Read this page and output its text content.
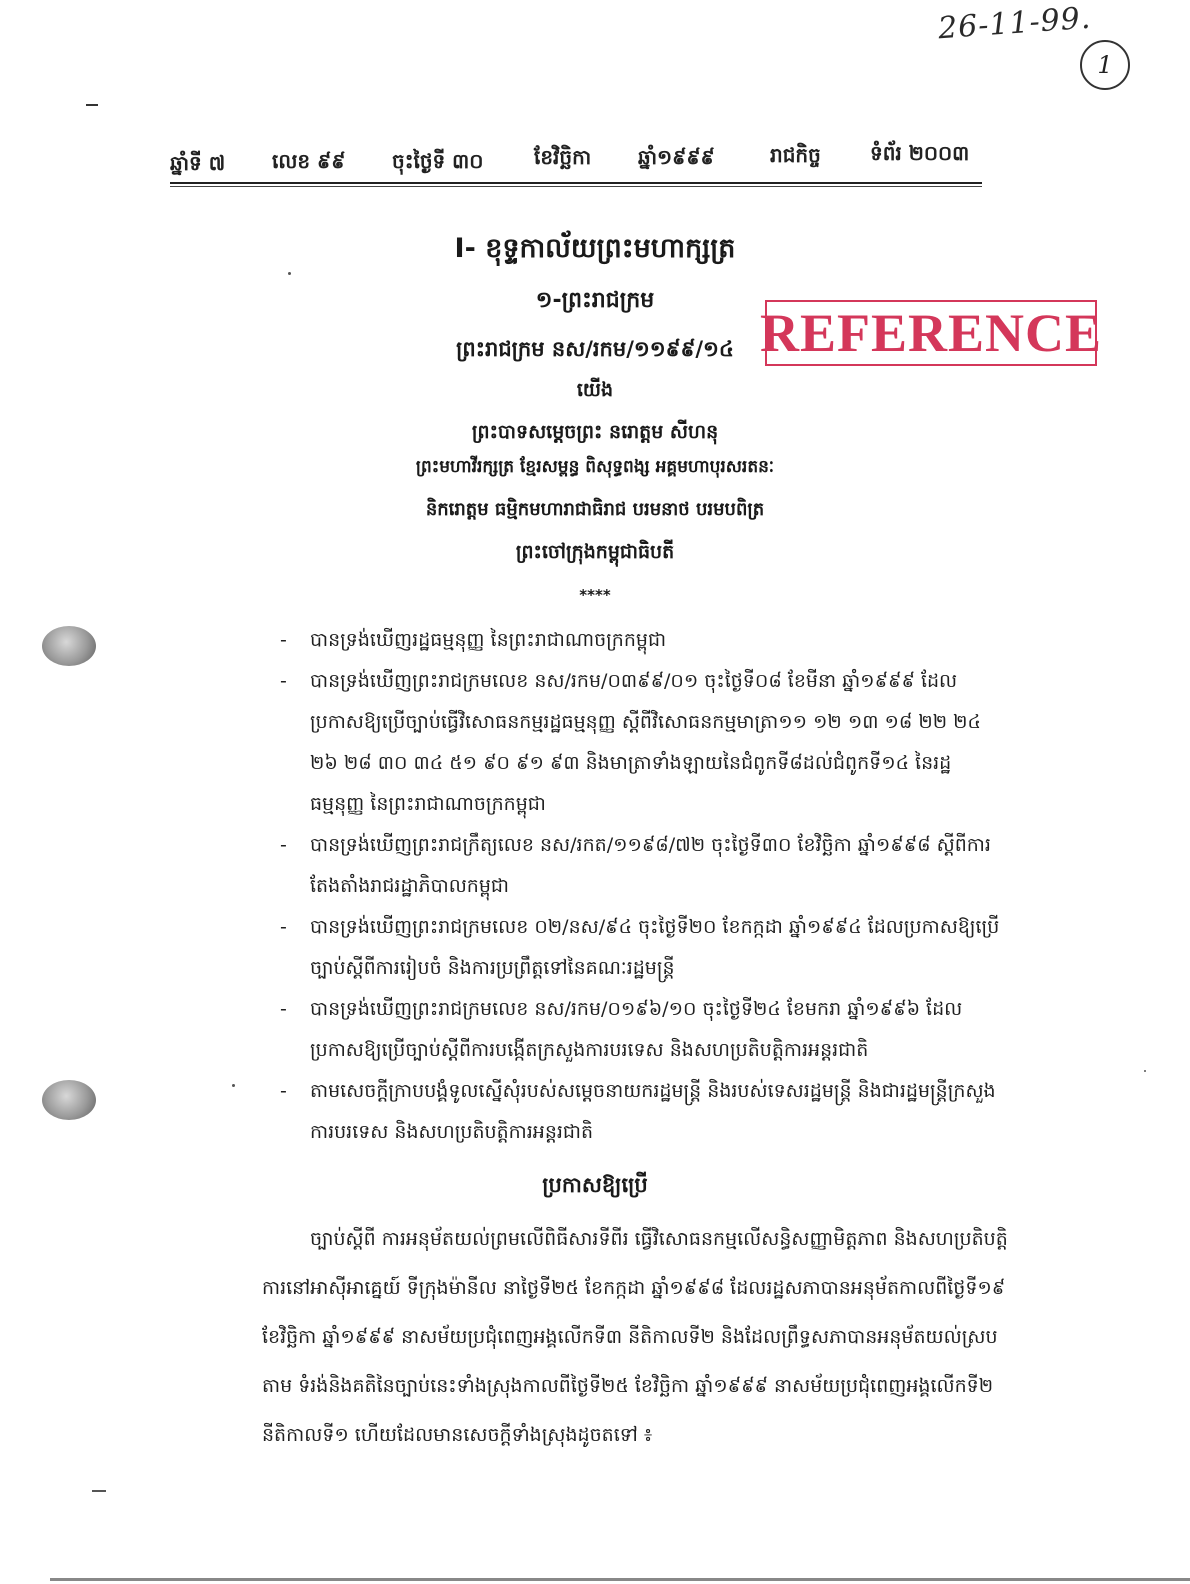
26-11-99.
1
ឆ្នាំទី ៧ លេខ ៩៩ ចុះថ្ងៃទី ៣០	ខែវិច្ឆិកា ឆ្នាំ១៩៩៩	រាជកិច្ច ទំព័រ ២០០៣
I- ខុទ្ទកាល័យព្រះមហាក្សត្រ
១-ព្រះរាជក្រម
ព្រះរាជក្រម នស/រកម/១១៩៩/១៤
យើង
ព្រះបាទសម្តេចព្រះ នរោត្តម សីហនុ
ព្រះមហាវីរក្សត្រ ខ្មែរសម្ពន្ធ ពិសុទ្ធពង្ស អគ្គមហាបុរសរតនៈ
និករោត្តម ធម្មិកមហារាជាធិរាជ បរមនាថ បរមបពិត្រ
ព្រះចៅក្រុងកម្ពុជាធិបតី
****
REFERENCE
- បានទ្រង់ឃើញរដ្ឋធម្មនុញ្ញ នៃព្រះរាជាណាចក្រកម្ពុជា
- បានទ្រង់ឃើញព្រះរាជក្រមលេខ នស/រកម/០៣៩៩/០១ ចុះថ្ងៃទី០៨ ខែមីនា ឆ្នាំ១៩៩៩ ដែលប្រកាសឱ្យប្រើច្បាប់ធ្វើវិសោធនកម្មរដ្ឋធម្មនុញ្ញ ស្តីពីវិសោធនកម្មមាត្រា១១ ១២ ១៣ ១៨ ២២ ២៤ ២៦ ២៨ ៣០ ៣៤ ៥១ ៩០ ៩១ ៩៣ និងមាត្រាទាំងឡាយនៃជំពូកទី៨ដល់ជំពូកទី១៤ នៃរដ្ឋធម្មនុញ្ញ នៃព្រះរាជាណាចក្រកម្ពុជា
- បានទ្រង់ឃើញព្រះរាជក្រឹត្យលេខ នស/រកត/១១៩៨/៧២ ចុះថ្ងៃទី៣០ ខែវិច្ឆិកា ឆ្នាំ១៩៩៨ ស្តីពីការតែងតាំងរាជរដ្ឋាភិបាលកម្ពុជា
- បានទ្រង់ឃើញព្រះរាជក្រមលេខ ០២/នស/៩៤ ចុះថ្ងៃទី២០ ខែកក្កដា ឆ្នាំ១៩៩៤ ដែលប្រកាសឱ្យប្រើច្បាប់ស្តីពីការរៀបចំ និងការប្រព្រឹត្តទៅនៃគណៈរដ្ឋមន្ត្រី
- បានទ្រង់ឃើញព្រះរាជក្រមលេខ នស/រកម/០១៩៦/១០ ចុះថ្ងៃទី២៤ ខែមករា ឆ្នាំ១៩៩៦ ដែលប្រកាសឱ្យប្រើច្បាប់ស្តីពីការបង្កើតក្រសួងការបរទេស និងសហប្រតិបត្តិការអន្តរជាតិ
- តាមសេចក្តីក្រាបបង្គំទូលស្នើសុំរបស់សម្តេចនាយករដ្ឋមន្ត្រី និងរបស់ទេសរដ្ឋមន្ត្រី និងជារដ្ឋមន្ត្រីក្រសួងការបរទេស និងសហប្រតិបត្តិការអន្តរជាតិ
ប្រកាសឱ្យប្រើ

ច្បាប់ស្តីពី ការអនុម័តយល់ព្រមលើពិធីសារទីពីរ ធ្វើវិសោធនកម្មលើសន្ធិសញ្ញាមិត្តភាព និងសហប្រតិបត្តិការនៅអាស៊ីអាគ្នេយ៍ ទីក្រុងម៉ានីល នាថ្ងៃទី២៥ ខែកក្កដា ឆ្នាំ១៩៩៨ ដែលរដ្ឋសភាបានអនុម័តកាលពីថ្ងៃទី១៩ ខែវិច្ឆិកា ឆ្នាំ១៩៩៩ នាសម័យប្រជុំពេញអង្គលើកទី៣ នីតិកាលទី២ និងដែលព្រឹទ្ធសភាបានអនុម័តយល់ស្របតាម ទំរង់និងគតិនៃច្បាប់នេះទាំងស្រុងកាលពីថ្ងៃទី២៥ ខែវិច្ឆិកា ឆ្នាំ១៩៩៩ នាសម័យប្រជុំពេញអង្គលើកទី២ នីតិកាលទី១ ហើយដែលមានសេចក្តីទាំងស្រុងដូចតទៅ ៖
